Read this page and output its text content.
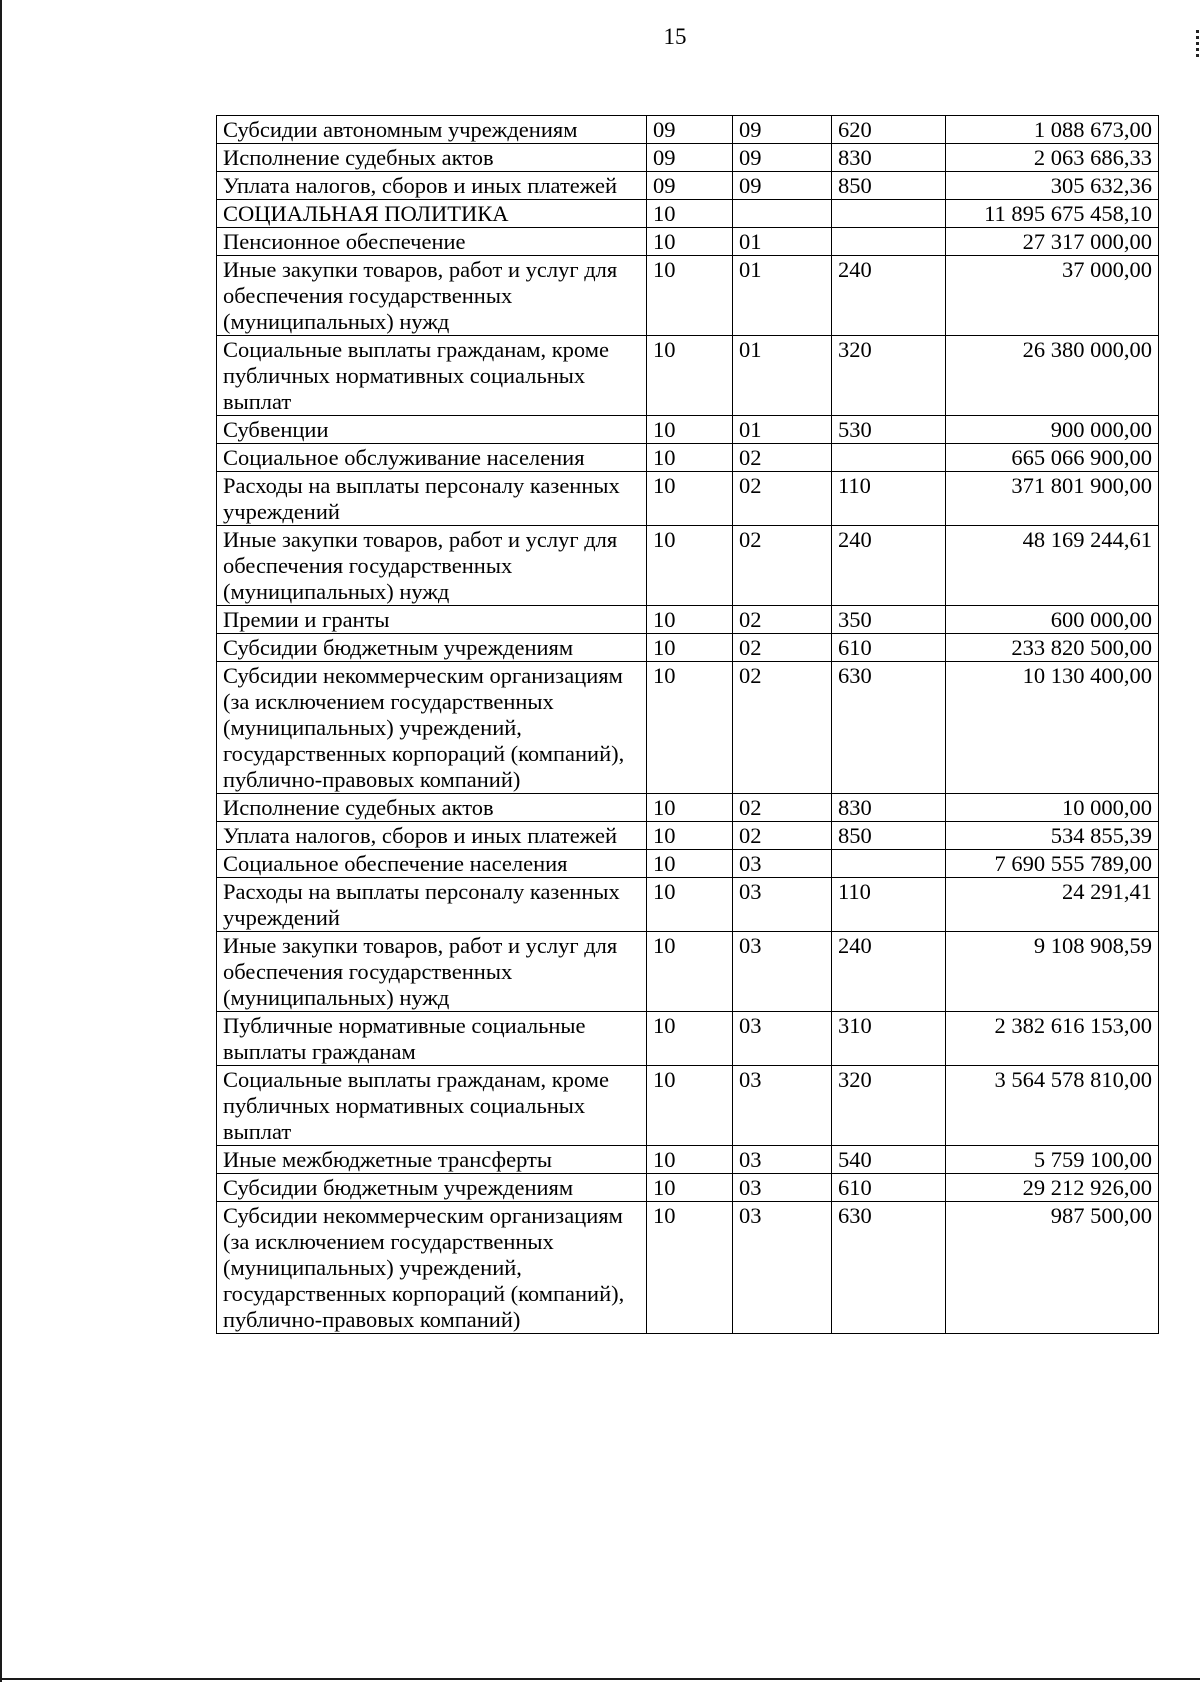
15
Субсидии автономным учреждениям	09	09	620	1 088 673,00
Исполнение судебных актов	09	09	830	2 063 686,33
Уплата налогов, сборов и иных платежей	09	09	850	305 632,36
СОЦИАЛЬНАЯ ПОЛИТИКА	10			11 895 675 458,10
Пенсионное обеспечение	10	01		27 317 000,00
Иные закупки товаров, работ и услуг для обеспечения государственных (муниципальных) нужд	10	01	240	37 000,00
Социальные выплаты гражданам, кроме публичных нормативных социальных выплат	10	01	320	26 380 000,00
Субвенции	10	01	530	900 000,00
Социальное обслуживание населения	10	02		665 066 900,00
Расходы на выплаты персоналу казенных учреждений	10	02	110	371 801 900,00
Иные закупки товаров, работ и услуг для обеспечения государственных (муниципальных) нужд	10	02	240	48 169 244,61
Премии и гранты	10	02	350	600 000,00
Субсидии бюджетным учреждениям	10	02	610	233 820 500,00
Субсидии некоммерческим организациям (за исключением государственных (муниципальных) учреждений, государственных корпораций (компаний), публично-правовых компаний)	10	02	630	10 130 400,00
Исполнение судебных актов	10	02	830	10 000,00
Уплата налогов, сборов и иных платежей	10	02	850	534 855,39
Социальное обеспечение населения	10	03		7 690 555 789,00
Расходы на выплаты персоналу казенных учреждений	10	03	110	24 291,41
Иные закупки товаров, работ и услуг для обеспечения государственных (муниципальных) нужд	10	03	240	9 108 908,59
Публичные нормативные социальные выплаты гражданам	10	03	310	2 382 616 153,00
Социальные выплаты гражданам, кроме публичных нормативных социальных выплат	10	03	320	3 564 578 810,00
Иные межбюджетные трансферты	10	03	540	5 759 100,00
Субсидии бюджетным учреждениям	10	03	610	29 212 926,00
Субсидии некоммерческим организациям (за исключением государственных (муниципальных) учреждений, государственных корпораций (компаний), публично-правовых компаний)	10	03	630	987 500,00
